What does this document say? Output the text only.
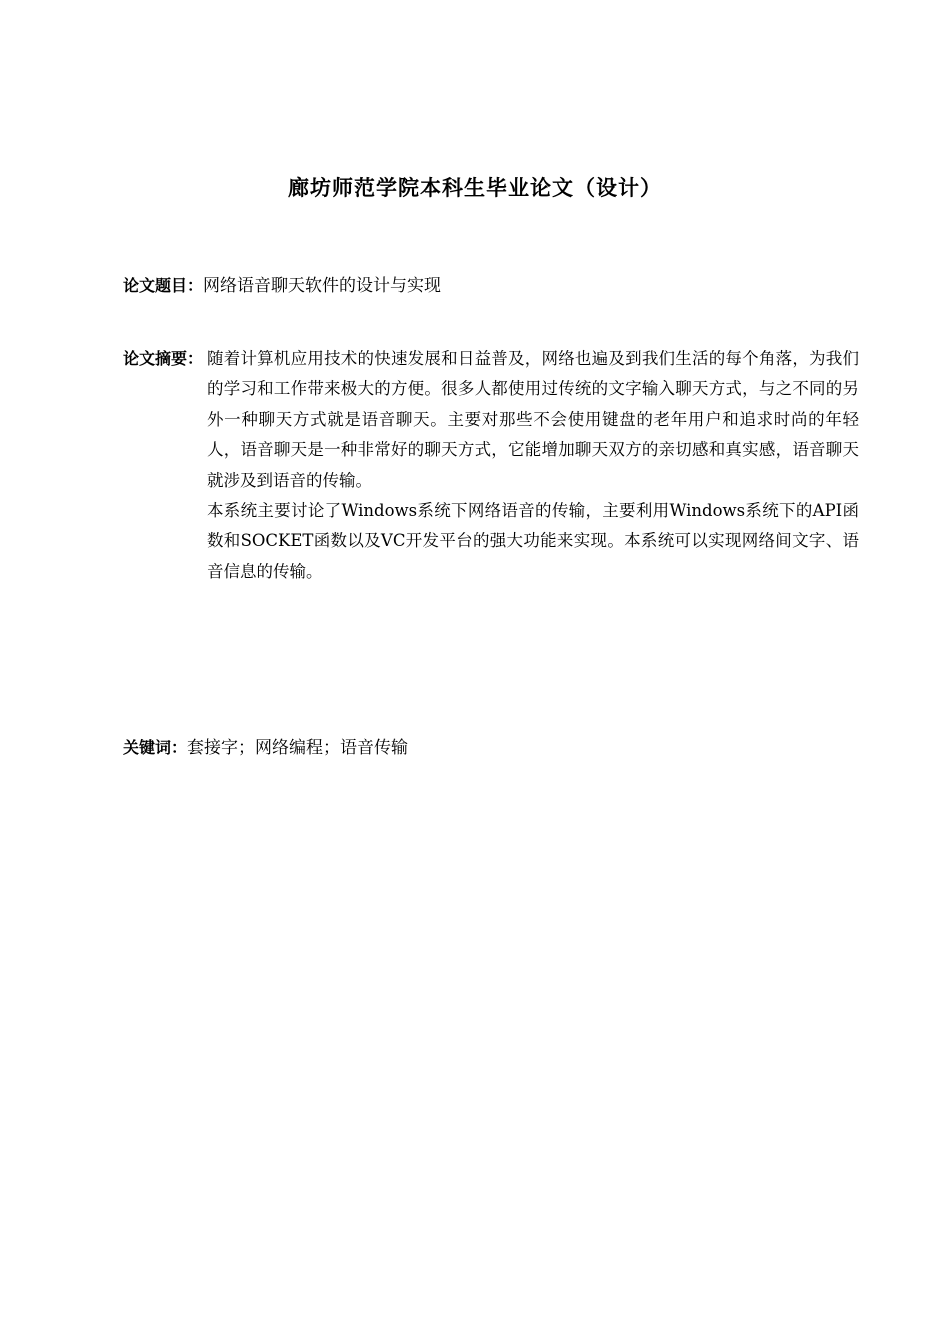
廊坊师范学院本科生毕业论文（设计）
论文题目：网络语音聊天软件的设计与实现
论文摘要： 随着计算机应用技术的快速发展和日益普及，网络也遍及到我们生活的每个角落，为我们的学习和工作带来极大的方便。很多人都使用过传统的文字输入聊天方式，与之不同的另外一种聊天方式就是语音聊天。主要对那些不会使用键盘的老年用户和追求时尚的年轻人，语音聊天是一种非常好的聊天方式，它能增加聊天双方的亲切感和真实感，语音聊天就涉及到语音的传输。

本系统主要讨论了Windows系统下网络语音的传输，主要利用Windows系统下的API函数和SOCKET函数以及VC开发平台的强大功能来实现。本系统可以实现网络间文字、语音信息的传输。

关键词：套接字；网络编程；语音传输
